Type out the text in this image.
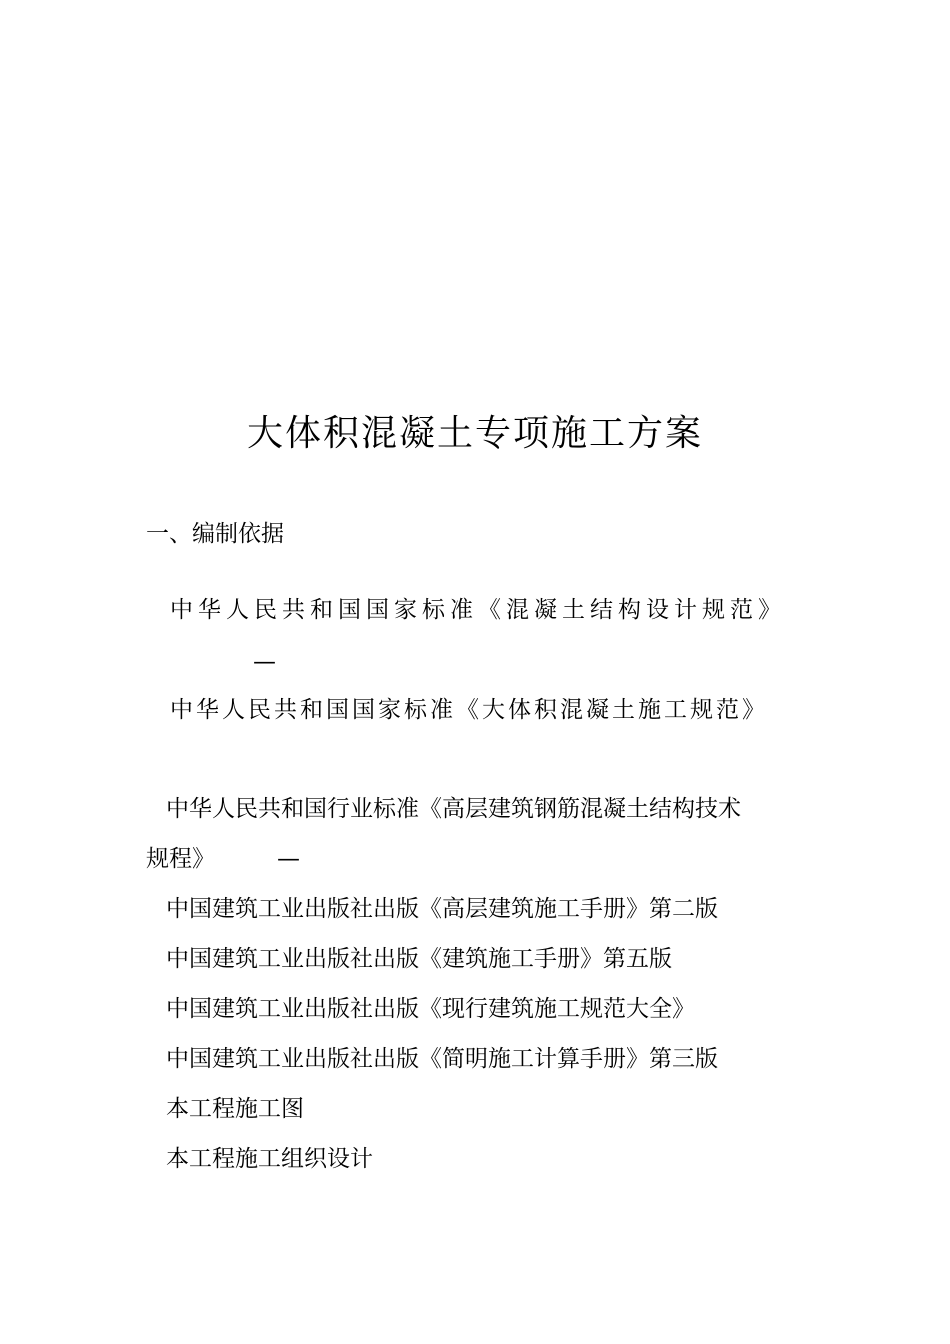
大体积混凝土专项施工方案
一、编制依据
中华人民共和国国家标准《混凝土结构设计规范》
—
中华人民共和国国家标准《大体积混凝土施工规范》
中华人民共和国行业标准《高层建筑钢筋混凝土结构技术
规程》	—
中国建筑工业出版社出版《高层建筑施工手册》第二版
中国建筑工业出版社出版《建筑施工手册》第五版
中国建筑工业出版社出版《现行建筑施工规范大全》
中国建筑工业出版社出版《简明施工计算手册》第三版
本工程施工图
本工程施工组织设计
